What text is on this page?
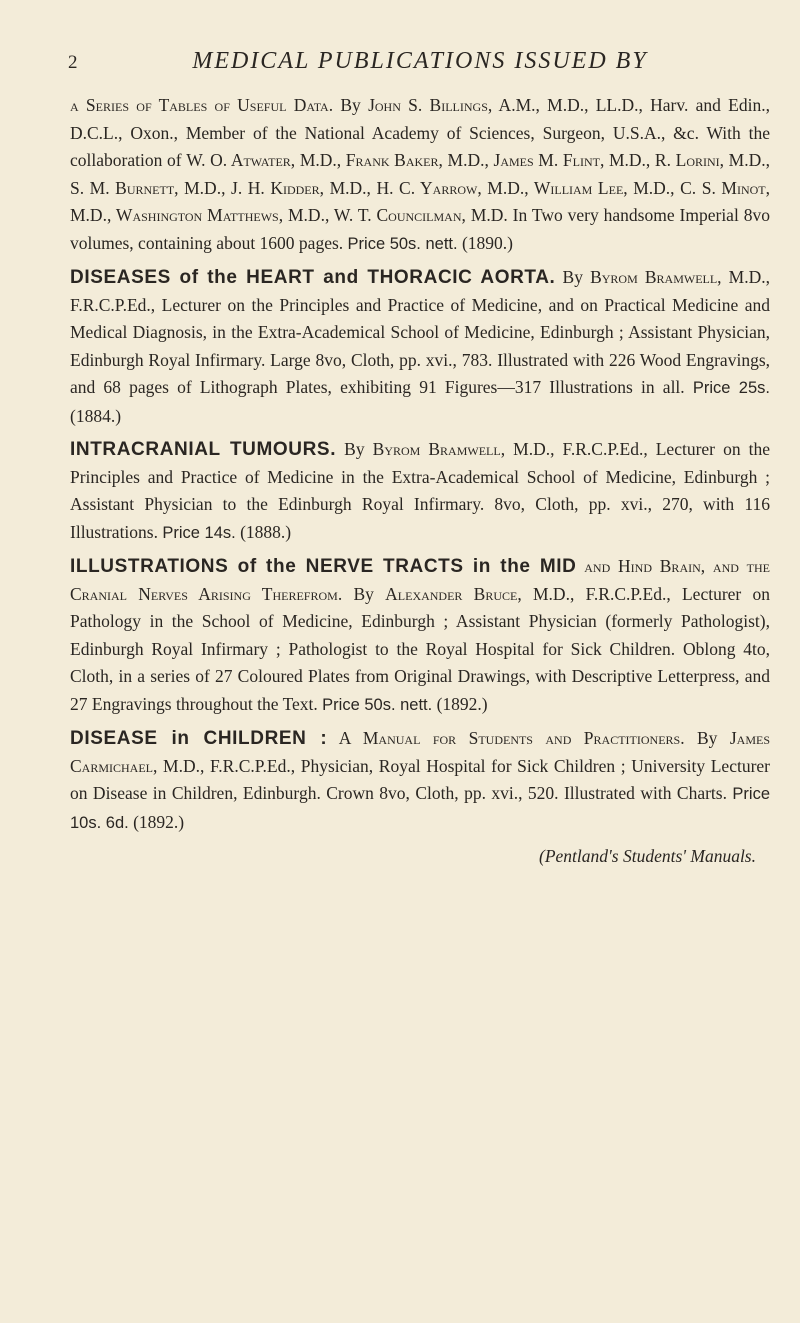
2	MEDICAL PUBLICATIONS ISSUED BY

a Series of Tables of Useful Data. By John S. Billings, A.M., M.D., LL.D., Harv. and Edin., D.C.L., Oxon., Member of the National Academy of Sciences, Surgeon, U.S.A., &c. With the collaboration of W. O. Atwater, M.D., Frank Baker, M.D., James M. Flint, M.D., R. Lorini, M.D., S. M. Burnett, M.D., J. H. Kidder, M.D., H. C. Yarrow, M.D., William Lee, M.D., C. S. Minot, M.D., Washington Matthews, M.D., W. T. Councilman, M.D. In Two very handsome Imperial 8vo volumes, containing about 1600 pages. Price 50s. nett. (1890.)

DISEASES of the HEART and THORACIC AORTA. By Byrom Bramwell, M.D., F.R.C.P.Ed., Lecturer on the Principles and Practice of Medicine, and on Practical Medicine and Medical Diagnosis, in the Extra-Academical School of Medicine, Edinburgh ; Assistant Physician, Edinburgh Royal Infirmary. Large 8vo, Cloth, pp. xvi., 783. Illustrated with 226 Wood Engravings, and 68 pages of Lithograph Plates, exhibiting 91 Figures—317 Illustrations in all. Price 25s. (1884.)

INTRACRANIAL TUMOURS. By Byrom Bramwell, M.D., F.R.C.P.Ed., Lecturer on the Principles and Practice of Medicine in the Extra-Academical School of Medicine, Edinburgh ; Assistant Physician to the Edinburgh Royal Infirmary. 8vo, Cloth, pp. xvi., 270, with 116 Illustrations. Price 14s. (1888.)

ILLUSTRATIONS of the NERVE TRACTS in the MID and Hind Brain, and the Cranial Nerves Arising Therefrom. By Alexander Bruce, M.D., F.R.C.P.Ed., Lecturer on Pathology in the School of Medicine, Edinburgh ; Assistant Physician (formerly Pathologist), Edinburgh Royal Infirmary ; Pathologist to the Royal Hospital for Sick Children. Oblong 4to, Cloth, in a series of 27 Coloured Plates from Original Drawings, with Descriptive Letterpress, and 27 Engravings throughout the Text. Price 50s. nett. (1892.)

DISEASE in CHILDREN : A Manual for Students and Practitioners. By James Carmichael, M.D., F.R.C.P.Ed., Physician, Royal Hospital for Sick Children ; University Lecturer on Disease in Children, Edinburgh. Crown 8vo, Cloth, pp. xvi., 520. Illustrated with Charts. Price 10s. 6d. (1892.)

(Pentland's Students' Manuals.
